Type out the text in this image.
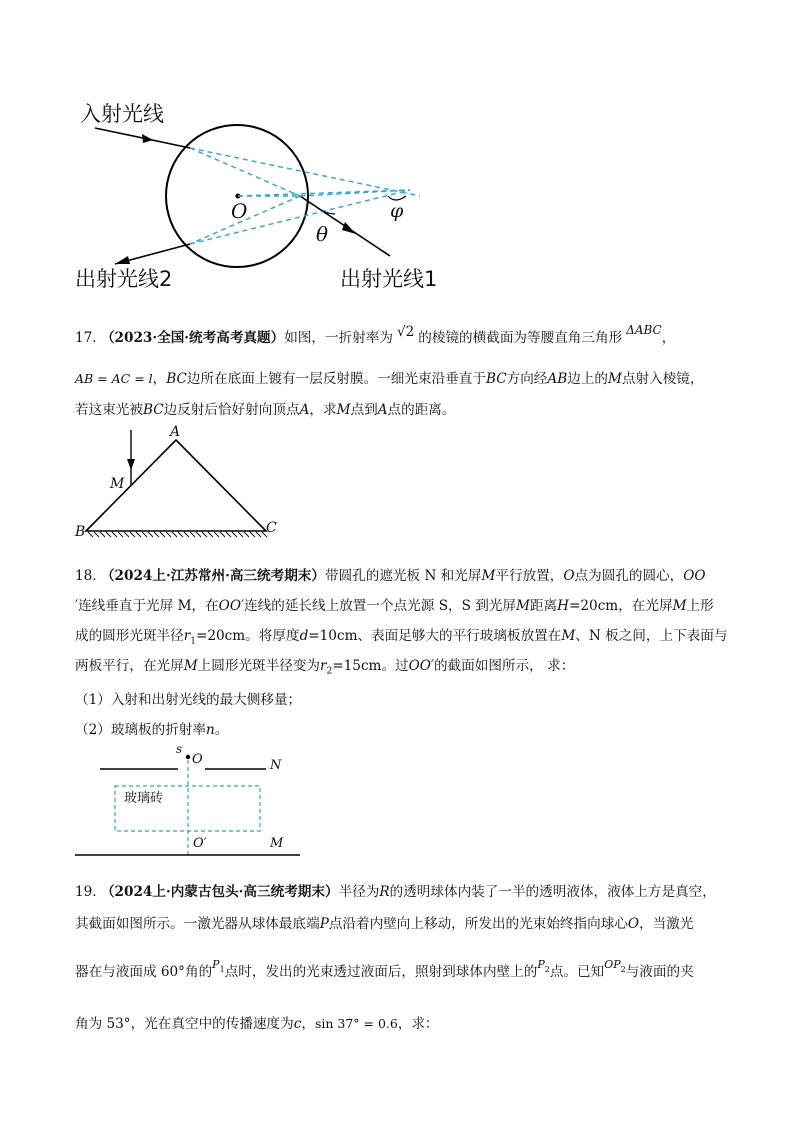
入射光线
出射光线2	出射光线1
O
θ
φ
17. （2023·全国·统考高考真题）如图，一折射率为 √2 的棱镜的横截面为等腰直角三角形 ΔABC，
AB = AC = l，BC边所在底面上镀有一层反射膜。一细光束沿垂直于BC方向经AB边上的M点射入棱镜，
若这束光被BC边反射后恰好射向顶点A，求M点到A点的距离。
A
M
B	C
18. （2024上·江苏常州·高三统考期末）带圆孔的遮光板 N 和光屏M平行放置，O点为圆孔的圆心，OO
′连线垂直于光屏 M，在OO′连线的延长线上放置一个点光源 S，S 到光屏M距离H=20cm，在光屏M上形
成的圆形光斑半径$r_1=20cm$。将厚度d=10cm、表面足够大的平行玻璃板放置在M、N 板之间，上下表面与
两板平行，在光屏M上圆形光斑半径变为$r_2=15cm$。过OO′的截面如图所示， 求：
（1）入射和出射光线的最大侧移量；
（2）玻璃板的折射率n。
s
O	N
玻璃砖
O′	M
19. （2024上·内蒙古包头·高三统考期末）半径为R的透明球体内装了一半的透明液体，液体上方是真空，
其截面如图所示。一激光器从球体最底端P点沿着内壁向上移动，所发出的光束始终指向球心O，当激光
器在与液面成 60°角的$^P_1$点时，发出的光束透过液面后，照射到球体内壁上的$^P_2$点。已知$^{OP}_2$与液面的夹
角为 53°，光在真空中的传播速度为c，sin 37° = 0.6，求：
